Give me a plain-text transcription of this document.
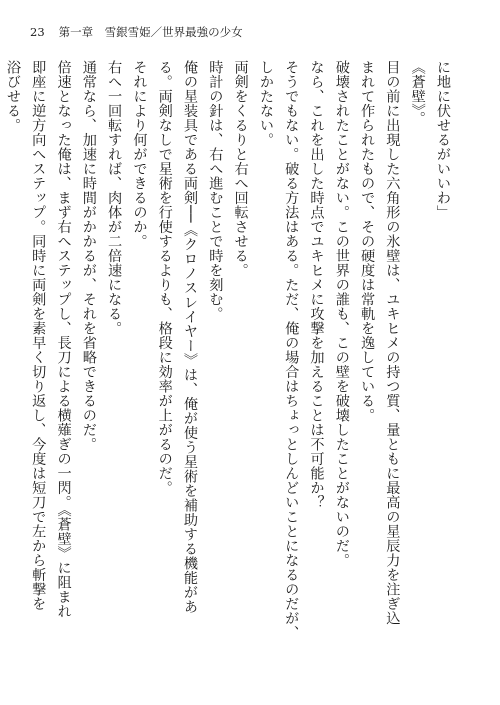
23 第一章　雪銀雪姫／世界最強の少女

に地に伏せるがいいわ」

《蒼壁》。

目の前に出現した六角形の氷壁は、ユキヒメの持つ質、量ともに最高の星辰力を注ぎ込

まれて作られたもので、その硬度は常軌を逸している。

破壊されたことがない。この世界の誰も、この壁を破壊したことがないのだ。

なら、これを出した時点でユキヒメに攻撃を加えることは不可能か？

そうでもない。破る方法はある。ただ、俺の場合はちょっとしんどいことになるのだが、

しかたない。

両剣をくるりと右へ回転させる。

時計の針は、右へ進むことで時を刻む。

俺の星装具である両剣──《クロノスレイヤー》は、俺が使う星術を補助する機能があ

る。両剣なしで星術を行使するよりも、格段に効率が上がるのだ。

それにより何ができるのか。

右へ一回転すれば、肉体が二倍速になる。

通常なら、加速に時間がかかるが、それを省略できるのだ。

倍速となった俺は、まず右へステップし、長刀による横薙ぎの一閃。《蒼壁》に阻まれ

即座に逆方向へステップ。同時に両剣を素早く切り返し、今度は短刀で左から斬撃を

浴びせる。
